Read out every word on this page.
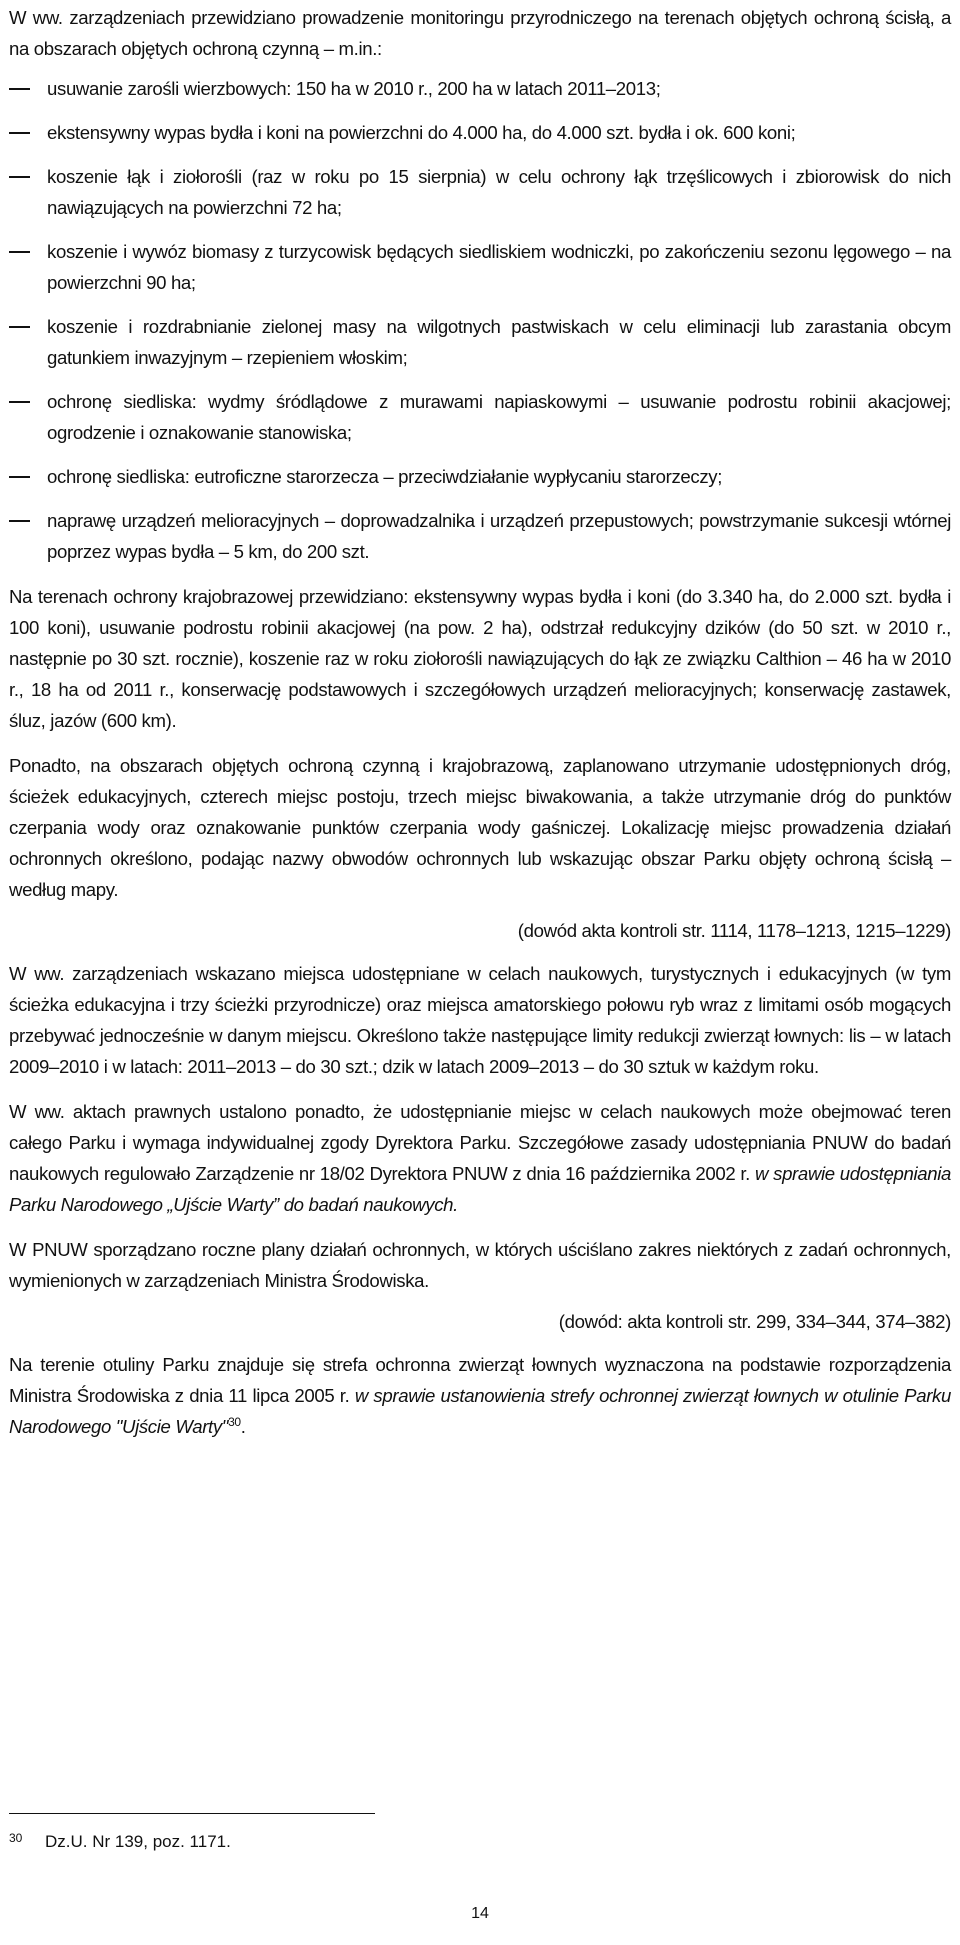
W ww. zarządzeniach przewidziano prowadzenie monitoringu przyrodniczego na terenach objętych ochroną ścisłą, a na obszarach objętych ochroną czynną – m.in.:

usuwanie zarośli wierzbowych: 150 ha w 2010 r., 200 ha w latach 2011–2013;
ekstensywny wypas bydła i koni na powierzchni do 4.000 ha, do 4.000 szt. bydła i ok. 600 koni;
koszenie łąk i ziołorośli (raz w roku po 15 sierpnia) w celu ochrony łąk trzęślicowych i zbiorowisk do nich nawiązujących na powierzchni 72 ha;
koszenie i wywóz biomasy z turzycowisk będących siedliskiem wodniczki, po zakończeniu sezonu lęgowego – na powierzchni 90 ha;
koszenie i rozdrabnianie zielonej masy na wilgotnych pastwiskach w celu eliminacji lub zarastania obcym gatunkiem inwazyjnym – rzepieniem włoskim;
ochronę siedliska: wydmy śródlądowe z murawami napiaskowymi – usuwanie podrostu robinii akacjowej; ogrodzenie i oznakowanie stanowiska;
ochronę siedliska: eutroficzne starorzecza – przeciwdziałanie wypłycaniu starorzeczy;
naprawę urządzeń melioracyjnych – doprowadzalnika i urządzeń przepustowych; powstrzymanie sukcesji wtórnej poprzez wypas bydła – 5 km, do 200 szt.

Na terenach ochrony krajobrazowej przewidziano: ekstensywny wypas bydła i koni (do 3.340 ha, do 2.000 szt. bydła i 100 koni), usuwanie podrostu robinii akacjowej (na pow. 2 ha), odstrzał redukcyjny dzików (do 50 szt. w 2010 r., następnie po 30 szt. rocznie), koszenie raz w roku ziołorośli nawiązujących do łąk ze związku Calthion – 46 ha w 2010 r., 18 ha od 2011 r., konserwację podstawowych i szczegółowych urządzeń melioracyjnych; konserwację zastawek, śluz, jazów (600 km).

Ponadto, na obszarach objętych ochroną czynną i krajobrazową, zaplanowano utrzymanie udostępnionych dróg, ścieżek edukacyjnych, czterech miejsc postoju, trzech miejsc biwakowania, a także utrzymanie dróg do punktów czerpania wody oraz oznakowanie punktów czerpania wody gaśniczej. Lokalizację miejsc prowadzenia działań ochronnych określono, podając nazwy obwodów ochronnych lub wskazując obszar Parku objęty ochroną ścisłą – według mapy.

(dowód akta kontroli str. 1114, 1178–1213, 1215–1229)

W ww. zarządzeniach wskazano miejsca udostępniane w celach naukowych, turystycznych i edukacyjnych (w tym ścieżka edukacyjna i trzy ścieżki przyrodnicze) oraz miejsca amatorskiego połowu ryb wraz z limitami osób mogących przebywać jednocześnie w danym miejscu. Określono także następujące limity redukcji zwierząt łownych: lis – w latach 2009–2010 i w latach: 2011–2013 – do 30 szt.; dzik w latach 2009–2013 – do 30 sztuk w każdym roku.

W ww. aktach prawnych ustalono ponadto, że udostępnianie miejsc w celach naukowych może obejmować teren całego Parku i wymaga indywidualnej zgody Dyrektora Parku. Szczegółowe zasady udostępniania PNUW do badań naukowych regulowało Zarządzenie nr 18/02 Dyrektora PNUW z dnia 16 października 2002 r. w sprawie udostępniania Parku Narodowego „Ujście Warty” do badań naukowych.

W PNUW sporządzano roczne plany działań ochronnych, w których uściślano zakres niektórych z zadań ochronnych, wymienionych w zarządzeniach Ministra Środowiska.

(dowód: akta kontroli str. 299, 334–344, 374–382)

Na terenie otuliny Parku znajduje się strefa ochronna zwierząt łownych wyznaczona na podstawie rozporządzenia Ministra Środowiska z dnia 11 lipca 2005 r. w sprawie ustanowienia strefy ochronnej zwierząt łownych w otulinie Parku Narodowego "Ujście Warty"$^{30}$.

30 Dz.U. Nr 139, poz. 1171.
14
